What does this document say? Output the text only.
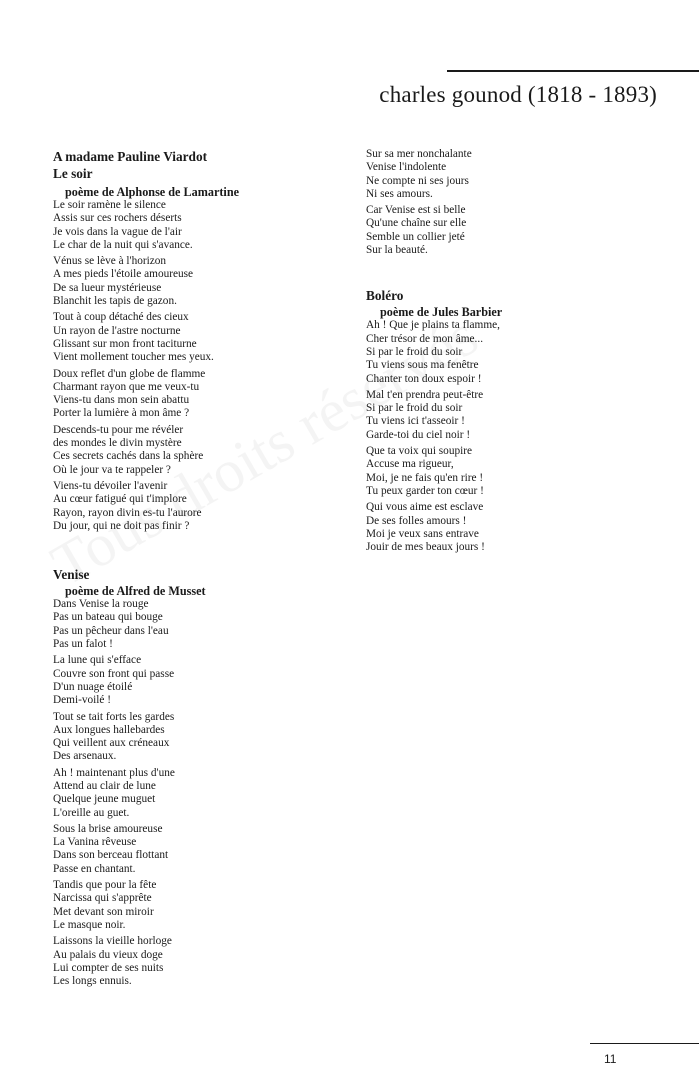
charles gounod (1818 - 1893)
A madame Pauline Viardot
Le soir
poème de Alphonse de Lamartine
Le soir ramène le silence
Assis sur ces rochers déserts
Je vois dans la vague de l'air
Le char de la nuit qui s'avance.
Vénus se lève à l'horizon
A mes pieds l'étoile amoureuse
De sa lueur mystérieuse
Blanchit les tapis de gazon.
Tout à coup détaché des cieux
Un rayon de l'astre nocturne
Glissant sur mon front taciturne
Vient mollement toucher mes yeux.
Doux reflet d'un globe de flamme
Charmant rayon que me veux-tu
Viens-tu dans mon sein abattu
Porter la lumière à mon âme ?
Descends-tu pour me révéler
des mondes le divin mystère
Ces secrets cachés dans la sphère
Où le jour va te rappeler ?
Viens-tu dévoiler l'avenir
Au cœur fatigué qui t'implore
Rayon, rayon divin es-tu l'aurore
Du jour, qui ne doit pas finir ?
Venise
poème de Alfred de Musset
Dans Venise la rouge
Pas un bateau qui bouge
Pas un pêcheur dans l'eau
Pas un falot !
La lune qui s'efface
Couvre son front qui passe
D'un nuage étoilé
Demi-voilé !
Tout se tait forts les gardes
Aux longues hallebardes
Qui veillent aux créneaux
Des arsenaux.
Ah ! maintenant plus d'une
Attend au clair de lune
Quelque jeune muguet
L'oreille au guet.
Sous la brise amoureuse
La Vanina rêveuse
Dans son berceau flottant
Passe en chantant.
Tandis que pour la fête
Narcissa qui s'apprête
Met devant son miroir
Le masque noir.
Laissons la vieille horloge
Au palais du vieux doge
Lui compter de ses nuits
Les longs ennuis.
Sur sa mer nonchalante
Venise l'indolente
Ne compte ni ses jours
Ni ses amours.
Car Venise est si belle
Qu'une chaîne sur elle
Semble un collier jeté
Sur la beauté.
Boléro
poème de Jules Barbier
Ah ! Que je plains ta flamme,
Cher trésor de mon âme...
Si par le froid du soir
Tu viens sous ma fenêtre
Chanter ton doux espoir !
Mal t'en prendra peut-être
Si par le froid du soir
Tu viens ici t'asseoir !
Garde-toi du ciel noir !
Que ta voix qui soupire
Accuse ma rigueur,
Moi, je ne fais qu'en rire !
Tu peux garder ton cœur !
Qui vous aime est esclave
De ses folles amours !
Moi je veux sans entrave
Jouir de mes beaux jours !
11
